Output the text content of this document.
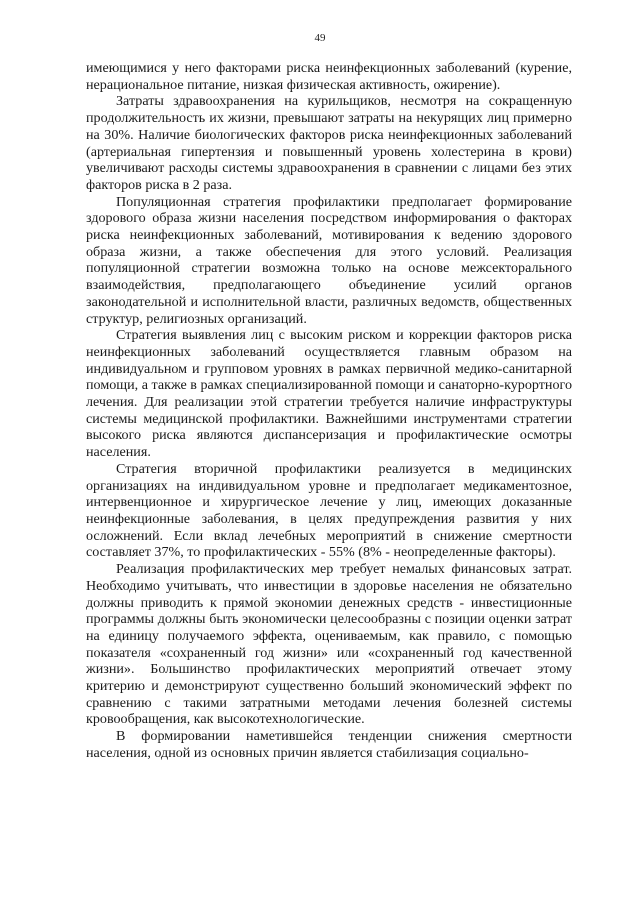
49

имеющимися у него факторами риска неинфекционных заболеваний (курение, нерациональное питание, низкая физическая активность, ожирение).

Затраты здравоохранения на курильщиков, несмотря на сокращенную продолжительность их жизни, превышают затраты на некурящих лиц примерно на 30%. Наличие биологических факторов риска неинфекционных заболеваний (артериальная гипертензия и повышенный уровень холестерина в крови) увеличивают расходы системы здравоохранения в сравнении с лицами без этих факторов риска в 2 раза.

Популяционная стратегия профилактики предполагает формирование здорового образа жизни населения посредством информирования о факторах риска неинфекционных заболеваний, мотивирования к ведению здорового образа жизни, а также обеспечения для этого условий. Реализация популяционной стратегии возможна только на основе межсекторального взаимодействия, предполагающего объединение усилий органов законодательной и исполнительной власти, различных ведомств, общественных структур, религиозных организаций.

Стратегия выявления лиц с высоким риском и коррекции факторов риска неинфекционных заболеваний осуществляется главным образом на индивидуальном и групповом уровнях в рамках первичной медико-санитарной помощи, а также в рамках специализированной помощи и санаторно-курортного лечения. Для реализации этой стратегии требуется наличие инфраструктуры системы медицинской профилактики. Важнейшими инструментами стратегии высокого риска являются диспансеризация и профилактические осмотры населения.

Стратегия вторичной профилактики реализуется в медицинских организациях на индивидуальном уровне и предполагает медикаментозное, интервенционное и хирургическое лечение у лиц, имеющих доказанные неинфекционные заболевания, в целях предупреждения развития у них осложнений. Если вклад лечебных мероприятий в снижение смертности составляет 37%, то профилактических - 55% (8% - неопределенные факторы).

Реализация профилактических мер требует немалых финансовых затрат. Необходимо учитывать, что инвестиции в здоровье населения не обязательно должны приводить к прямой экономии денежных средств - инвестиционные программы должны быть экономически целесообразны с позиции оценки затрат на единицу получаемого эффекта, оцениваемым, как правило, с помощью показателя «сохраненный год жизни» или «сохраненный год качественной жизни». Большинство профилактических мероприятий отвечает этому критерию и демонстрируют существенно больший экономический эффект по сравнению с такими затратными методами лечения болезней системы кровообращения, как высокотехнологические.

В формировании наметившейся тенденции снижения смертности населения, одной из основных причин является стабилизация социально-
